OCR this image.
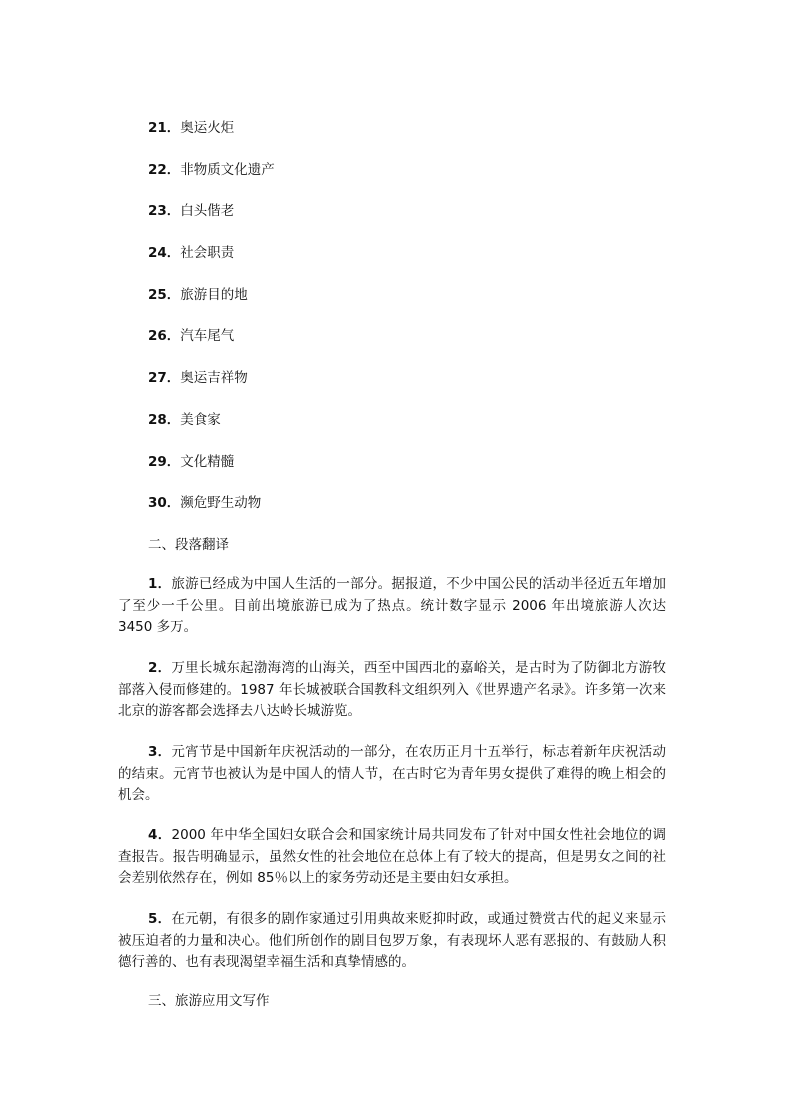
21．奥运火炬
22．非物质文化遗产
23．白头偕老
24．社会职责
25．旅游目的地
26．汽车尾气
27．奥运吉祥物
28．美食家
29．文化精髓
30．濒危野生动物
二、段落翻译

1．旅游已经成为中国人生活的一部分。据报道，不少中国公民的活动半径近五年增加了至少一千公里。目前出境旅游已成为了热点。统计数字显示 2006 年出境旅游人次达 3450 多万。

2．万里长城东起渤海湾的山海关，西至中国西北的嘉峪关，是古时为了防御北方游牧部落入侵而修建的。1987 年长城被联合国教科文组织列入《世界遗产名录》。许多第一次来北京的游客都会选择去八达岭长城游览。

3．元宵节是中国新年庆祝活动的一部分，在农历正月十五举行，标志着新年庆祝活动的结束。元宵节也被认为是中国人的情人节，在古时它为青年男女提供了难得的晚上相会的机会。

4．2000 年中华全国妇女联合会和国家统计局共同发布了针对中国女性社会地位的调查报告。报告明确显示，虽然女性的社会地位在总体上有了较大的提高，但是男女之间的社会差别依然存在，例如 85％以上的家务劳动还是主要由妇女承担。

5．在元朝，有很多的剧作家通过引用典故来贬抑时政，或通过赞赏古代的起义来显示被压迫者的力量和决心。他们所创作的剧目包罗万象，有表现坏人恶有恶报的、有鼓励人积德行善的、也有表现渴望幸福生活和真挚情感的。

三、旅游应用文写作
